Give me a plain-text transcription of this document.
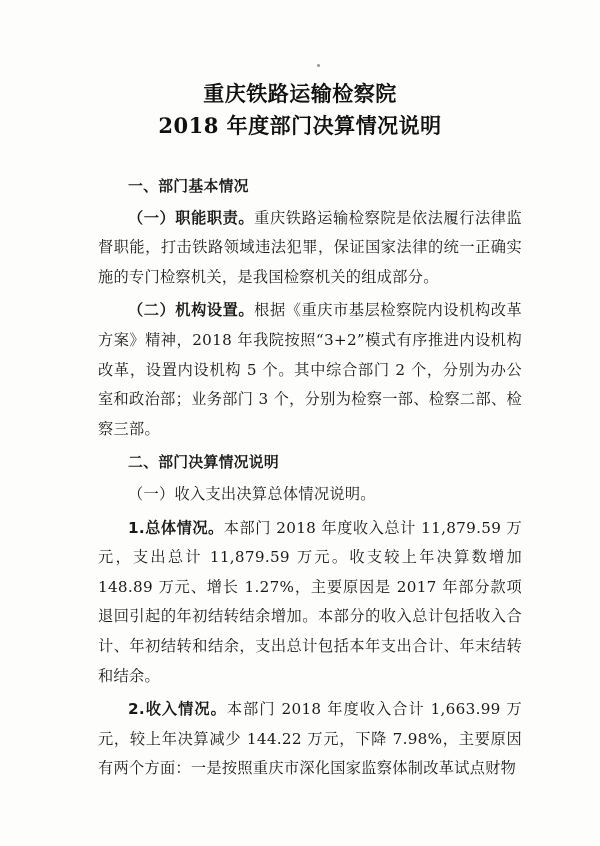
重庆铁路运输检察院
2018 年度部门决算情况说明

一、部门基本情况

（一）职能职责。重庆铁路运输检察院是依法履行法律监督职能，打击铁路领域违法犯罪，保证国家法律的统一正确实施的专门检察机关，是我国检察机关的组成部分。

（二）机构设置。根据《重庆市基层检察院内设机构改革方案》精神，2018 年我院按照“3+2”模式有序推进内设机构改革，设置内设机构 5 个。其中综合部门 2 个，分别为办公室和政治部；业务部门 3 个，分别为检察一部、检察二部、检察三部。

二、部门决算情况说明

（一）收入支出决算总体情况说明。

1.总体情况。本部门 2018 年度收入总计 11,879.59 万元，支出总计 11,879.59 万元。收支较上年决算数增加 148.89 万元、增长 1.27%，主要原因是 2017 年部分款项退回引起的年初结转结余增加。本部分的收入总计包括收入合计、年初结转和结余，支出总计包括本年支出合计、年末结转和结余。

2.收入情况。本部门 2018 年度收入合计 1,663.99 万元，较上年决算减少 144.22 万元，下降 7.98%，主要原因有两个方面：一是按照重庆市深化国家监察体制改革试点财物
